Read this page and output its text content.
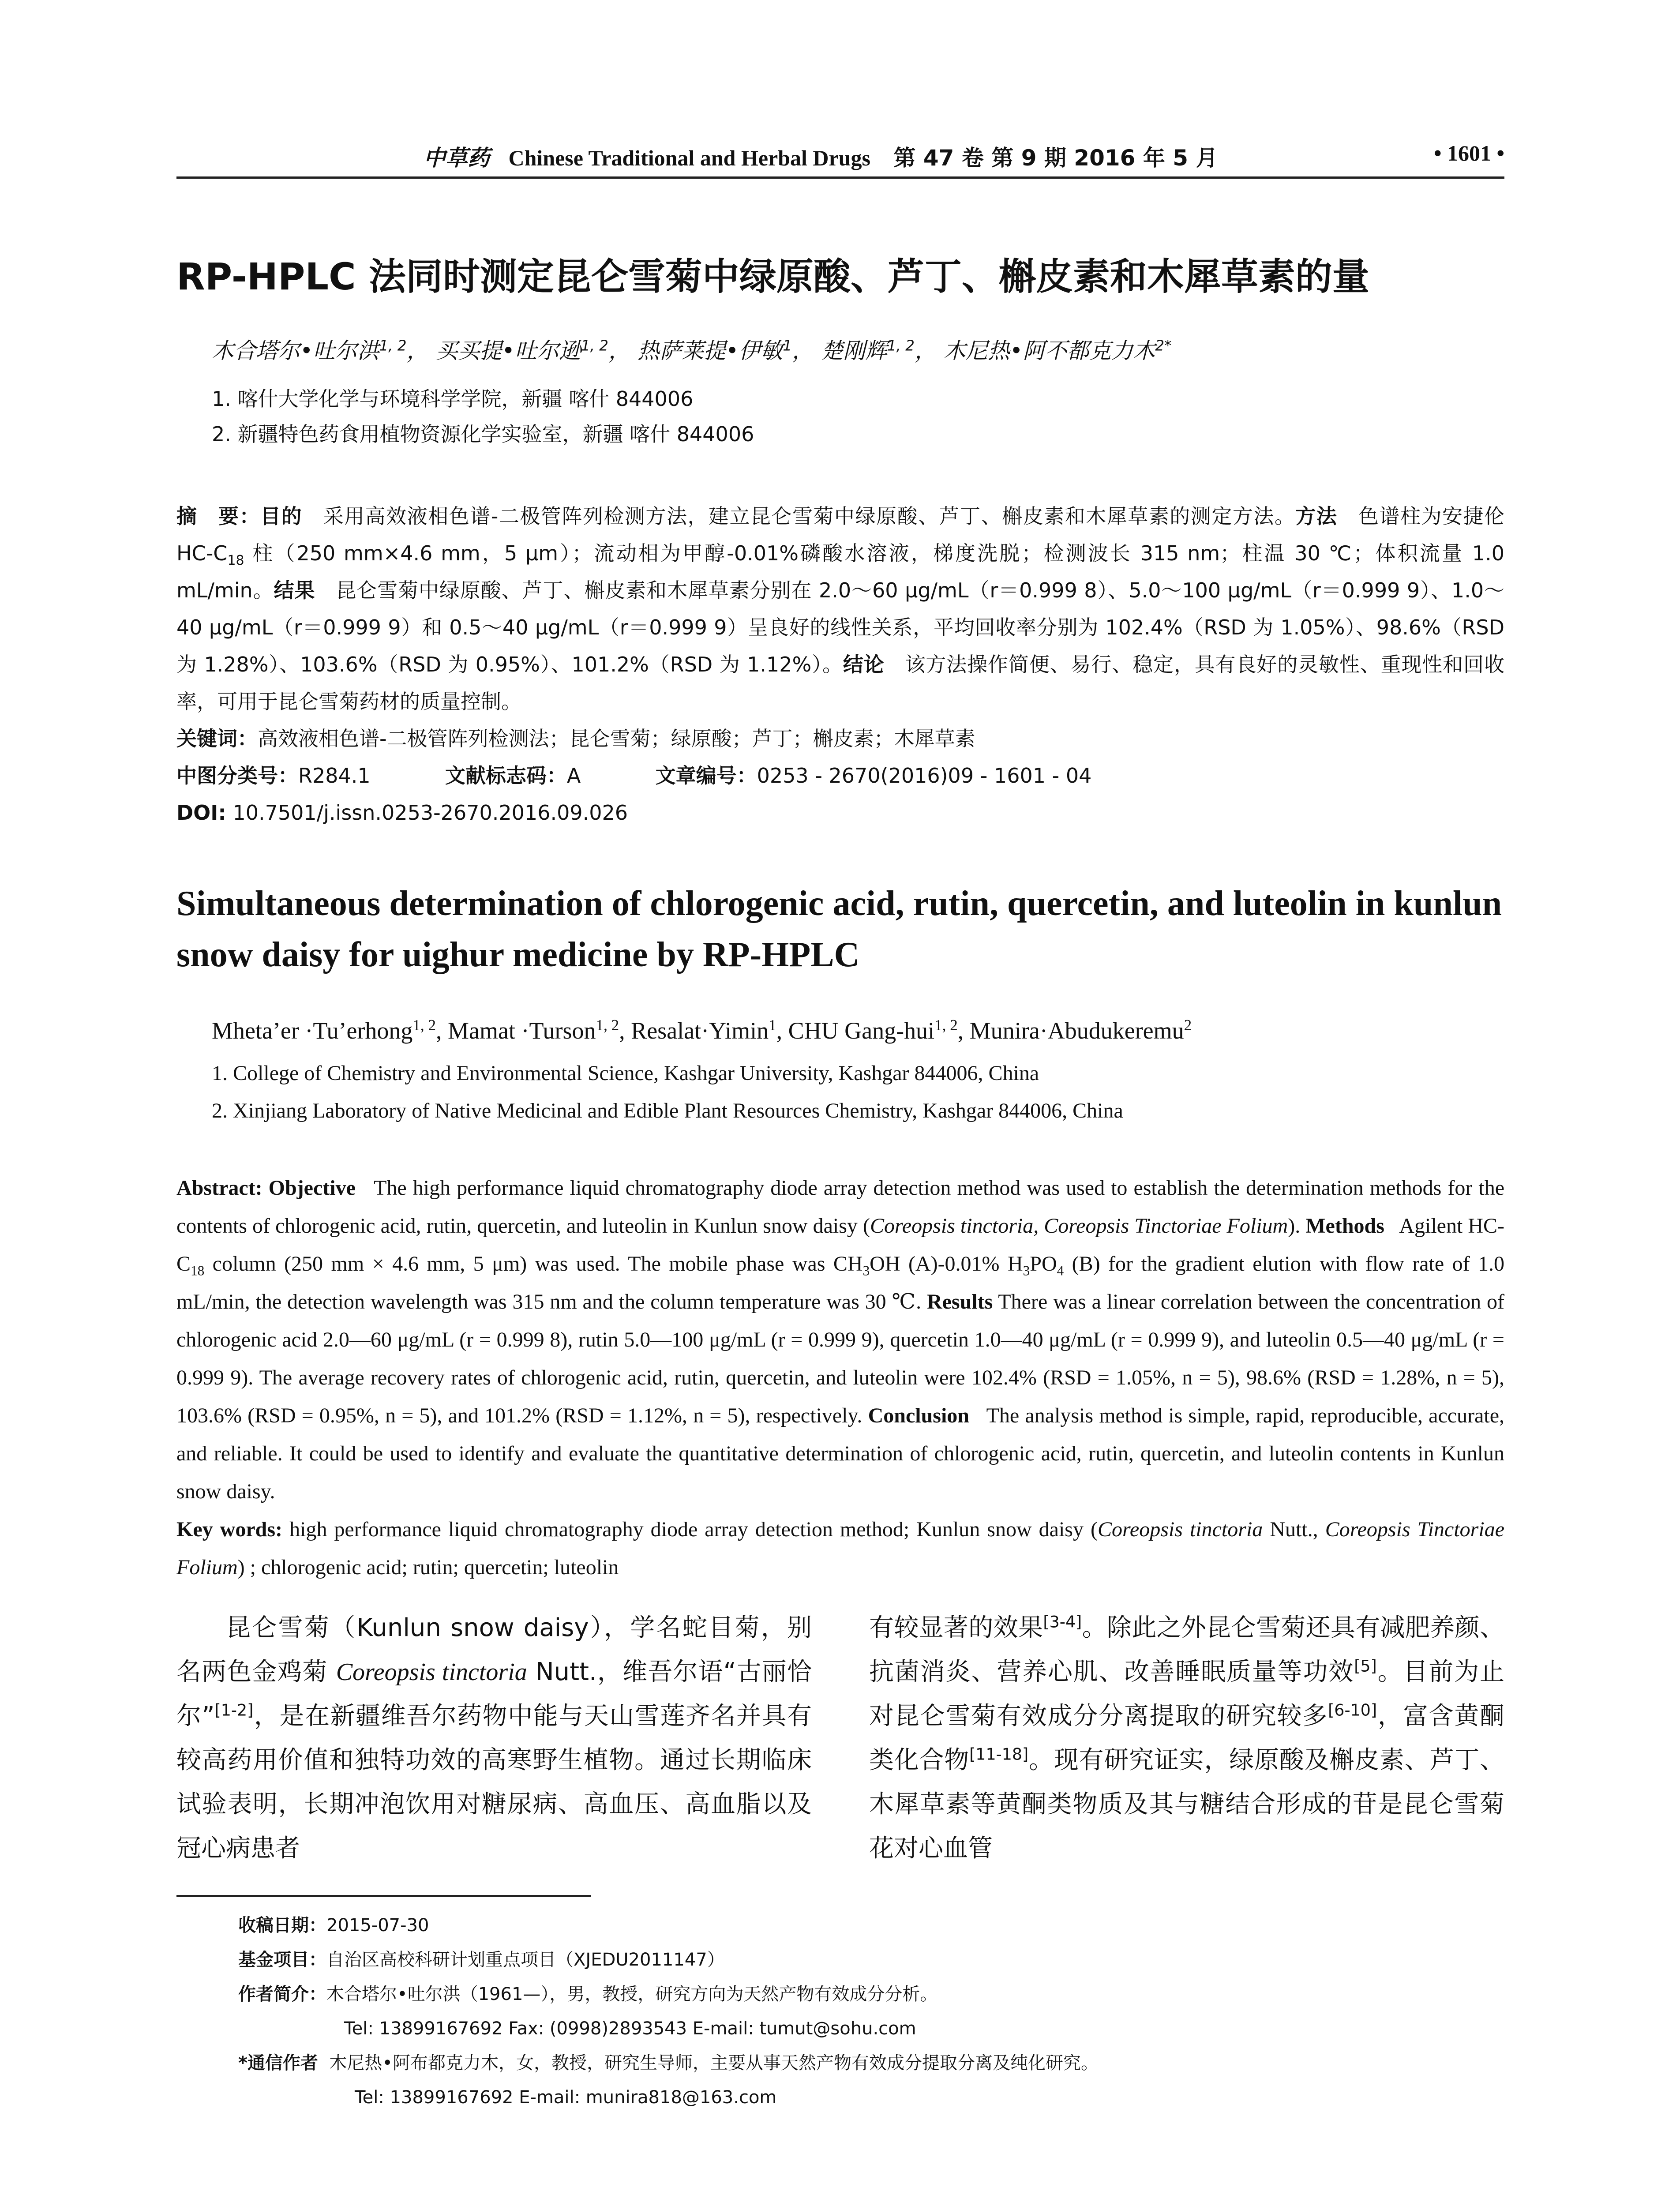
中草药 Chinese Traditional and Herbal Drugs 第 47 卷 第 9 期 2016 年 5 月	• 1601 •
RP-HPLC 法同时测定昆仑雪菊中绿原酸、芦丁、槲皮素和木犀草素的量
木合塔尔•吐尔洪$^{1, 2}$， 买买提•吐尔逊$^{1, 2}$， 热萨莱提•伊敏$^1$， 楚刚辉$^{1, 2}$， 木尼热•阿不都克力木$^{2*}$
1. 喀什大学化学与环境科学学院，新疆 喀什 844006
2. 新疆特色药食用植物资源化学实验室，新疆 喀什 844006
摘　要：目的　 采用高效液相色谱-二极管阵列检测方法，建立昆仑雪菊中绿原酸、芦丁、槲皮素和木犀草素的测定方法。方法　 色谱柱为安捷伦 $HC-C_{18}$ 柱（250 mm×4.6 mm，5 μm）；流动相为甲醇-0.01%磷酸水溶液，梯度洗脱；检测波长 315 nm；柱温 30 ℃；体积流量 1.0 mL/min。结果　 昆仑雪菊中绿原酸、芦丁、槲皮素和木犀草素分别在 2.0～60 μg/mL（r＝0.999 8）、5.0～100 μg/mL（r＝0.999 9）、1.0～40 μg/mL（r＝0.999 9）和 0.5～40 μg/mL（r＝0.999 9）呈良好的线性关系，平均回收率分别为 102.4%（RSD 为 1.05%）、98.6%（RSD 为 1.28%）、103.6%（RSD 为 0.95%）、101.2%（RSD 为 1.12%）。结论　 该方法操作简便、易行、稳定，具有良好的灵敏性、重现性和回收率，可用于昆仑雪菊药材的质量控制。
关键词：高效液相色谱-二极管阵列检测法；昆仑雪菊；绿原酸；芦丁；槲皮素；木犀草素
中图分类号：R284.1	文献标志码：A	文章编号：0253 - 2670(2016)09 - 1601 - 04
DOI: 10.7501/j.issn.0253-2670.2016.09.026
Simultaneous determination of chlorogenic acid, rutin, quercetin, and luteolin in kunlun snow daisy for uighur medicine by RP-HPLC
Mheta’er ·Tu’erhong$^{1, 2}$, Mamat ·Turson$^{1, 2}$, Resalat·Yimin$^1$, CHU Gang-hui$^{1, 2}$, Munira·Abudukeremu$^2$
1. College of Chemistry and Environmental Science, Kashgar University, Kashgar 844006, China
2. Xinjiang Laboratory of Native Medicinal and Edible Plant Resources Chemistry, Kashgar 844006, China
Abstract: Objective The high performance liquid chromatography diode array detection method was used to establish the determination methods for the contents of chlorogenic acid, rutin, quercetin, and luteolin in Kunlun snow daisy (Coreopsis tinctoria, Coreopsis Tinctoriae Folium). Methods Agilent $HC-C_{18}$ column (250 mm × 4.6 mm, 5 μm) was used. The mobile phase was $CH_3OH$ (A)-0.01% $H_3PO_4$ (B) for the gradient elution with flow rate of 1.0 mL/min, the detection wavelength was 315 nm and the column temperature was 30 ℃. Results There was a linear correlation between the concentration of chlorogenic acid 2.0—60 μg/mL (r = 0.999 8), rutin 5.0—100 μg/mL (r = 0.999 9), quercetin 1.0—40 μg/mL (r = 0.999 9), and luteolin 0.5—40 μg/mL (r = 0.999 9). The average recovery rates of chlorogenic acid, rutin, quercetin, and luteolin were 102.4% (RSD = 1.05%, n = 5), 98.6% (RSD = 1.28%, n = 5), 103.6% (RSD = 0.95%, n = 5), and 101.2% (RSD = 1.12%, n = 5), respectively. Conclusion The analysis method is simple, rapid, reproducible, accurate, and reliable. It could be used to identify and evaluate the quantitative determination of chlorogenic acid, rutin, quercetin, and luteolin contents in Kunlun snow daisy.
Key words: high performance liquid chromatography diode array detection method; Kunlun snow daisy (Coreopsis tinctoria Nutt., Coreopsis Tinctoriae Folium) ; chlorogenic acid; rutin; quercetin; luteolin

昆仑雪菊（Kunlun snow daisy），学名蛇目菊，别名两色金鸡菊 Coreopsis tinctoria Nutt.，维吾尔语“古丽恰尔”[1-2]，是在新疆维吾尔药物中能与天山雪莲齐名并具有较高药用价值和独特功效的高寒野生植物。通过长期临床试验表明，长期冲泡饮用对糖尿病、高血压、高血脂以及冠心病患者

有较显著的效果[3-4]。除此之外昆仑雪菊还具有减肥养颜、抗菌消炎、营养心肌、改善睡眠质量等功效[5]。目前为止对昆仑雪菊有效成分分离提取的研究较多[6-10]，富含黄酮类化合物[11-18]。现有研究证实，绿原酸及槲皮素、芦丁、木犀草素等黄酮类物质及其与糖结合形成的苷是昆仑雪菊花对心血管

收稿日期：2015-07-30
基金项目：自治区高校科研计划重点项目（XJEDU2011147）
作者简介：木合塔尔•吐尔洪（1961—），男，教授，研究方向为天然产物有效成分分析。
Tel: 13899167692 Fax: (0998)2893543 E-mail: tumut@sohu.com
*通信作者 木尼热•阿布都克力木，女，教授，研究生导师，主要从事天然产物有效成分提取分离及纯化研究。
Tel: 13899167692 E-mail: munira818@163.com
